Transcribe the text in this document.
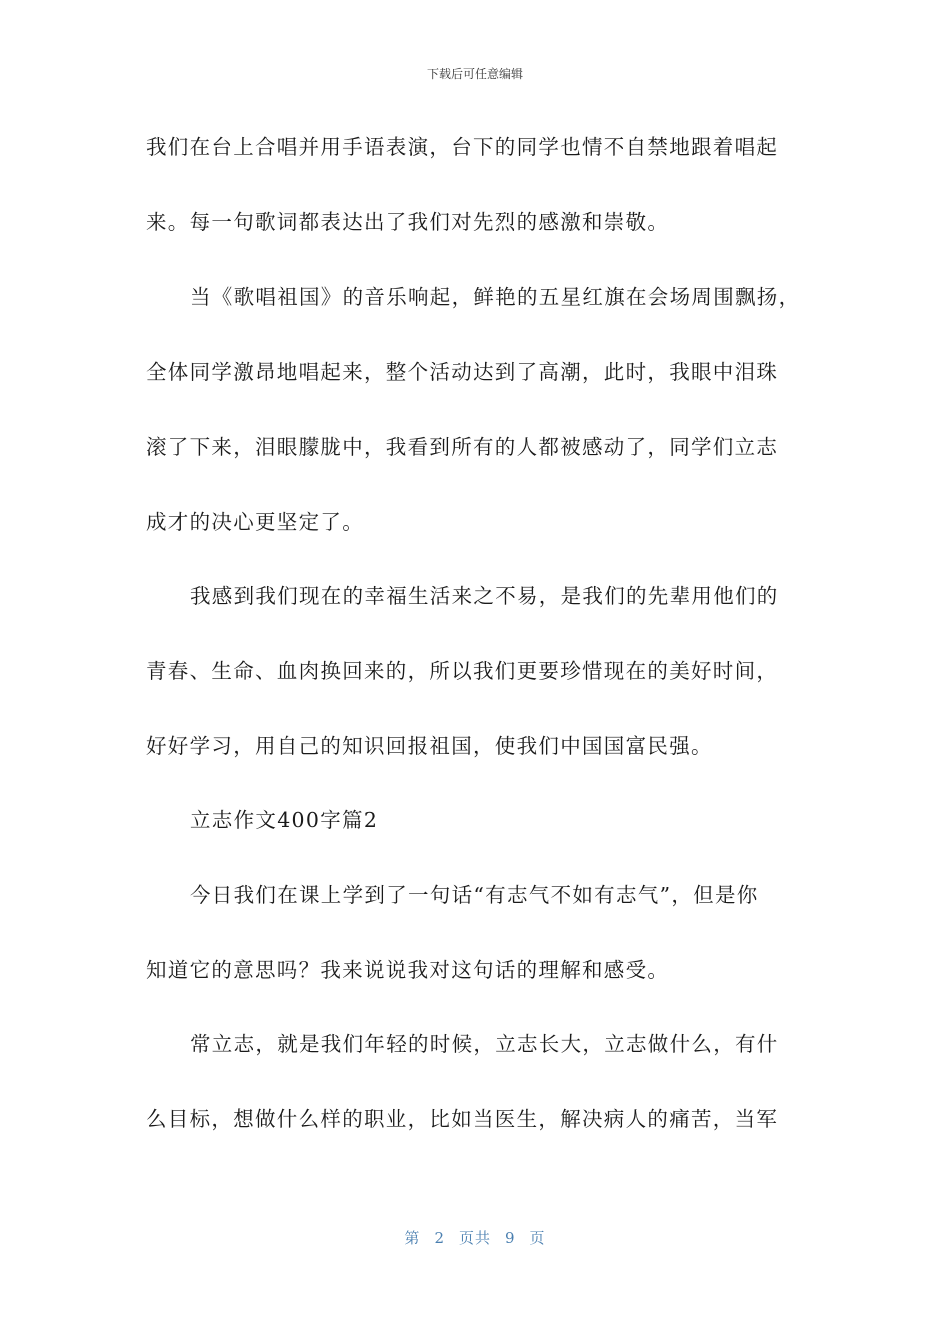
下载后可任意编辑
我们在台上合唱并用手语表演，台下的同学也情不自禁地跟着唱起
来。每一句歌词都表达出了我们对先烈的感激和崇敬。
当《歌唱祖国》的音乐响起，鲜艳的五星红旗在会场周围飘扬，
全体同学激昂地唱起来，整个活动达到了高潮，此时，我眼中泪珠
滚了下来，泪眼朦胧中，我看到所有的人都被感动了，同学们立志
成才的决心更坚定了。
我感到我们现在的幸福生活来之不易，是我们的先辈用他们的
青春、生命、血肉换回来的，所以我们更要珍惜现在的美好时间，
好好学习，用自己的知识回报祖国，使我们中国国富民强。
立志作文400字篇2
今日我们在课上学到了一句话“有志气不如有志气”，但是你
知道它的意思吗？我来说说我对这句话的理解和感受。
常立志，就是我们年轻的时候，立志长大，立志做什么，有什
么目标，想做什么样的职业，比如当医生，解决病人的痛苦，当军
第 2 页共 9 页
